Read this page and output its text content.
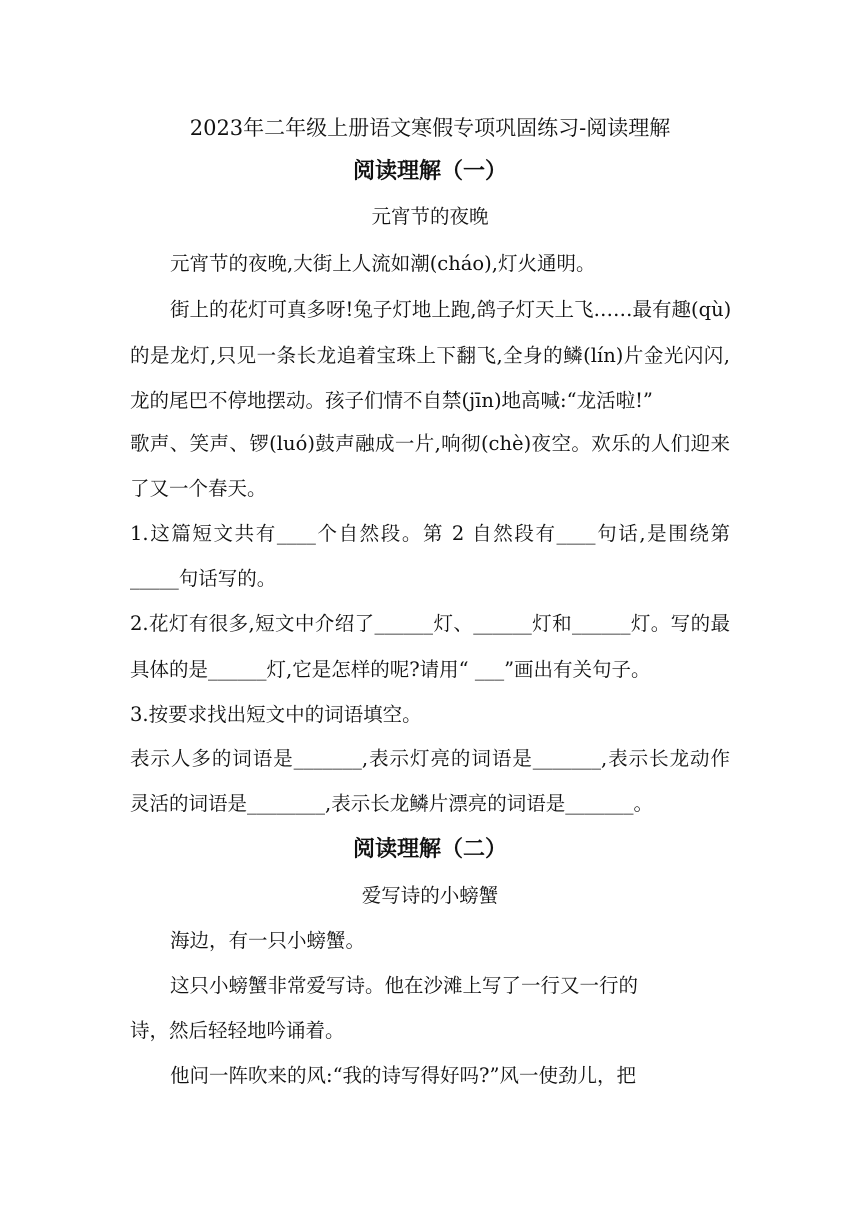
2023年二年级上册语文寒假专项巩固练习-阅读理解
阅读理解（一）
元宵节的夜晚
元宵节的夜晚,大街上人流如潮(cháo),灯火通明。
街上的花灯可真多呀!兔子灯地上跑,鸽子灯天上飞……最有趣(qù)
的是龙灯,只见一条长龙追着宝珠上下翻飞,全身的鳞(lín)片金光闪闪,
龙的尾巴不停地摆动。孩子们情不自禁(jīn)地高喊:“龙活啦!”
歌声、笑声、锣(luó)鼓声融成一片,响彻(chè)夜空。欢乐的人们迎来
了又一个春天。
1.这篇短文共有____个自然段。第 2 自然段有____句话,是围绕第
_____句话写的。
2.花灯有很多,短文中介绍了______灯、______灯和______灯。写的最
具体的是______灯,它是怎样的呢?请用“ ___”画出有关句子。
3.按要求找出短文中的词语填空。
表示人多的词语是_______,表示灯亮的词语是_______,表示长龙动作
灵活的词语是________,表示长龙鳞片漂亮的词语是_______。
阅读理解（二）
爱写诗的小螃蟹
海边，有一只小螃蟹。
这只小螃蟹非常爱写诗。他在沙滩上写了一行又一行的
诗，然后轻轻地吟诵着。
他问一阵吹来的风:“我的诗写得好吗?”风一使劲儿，把
